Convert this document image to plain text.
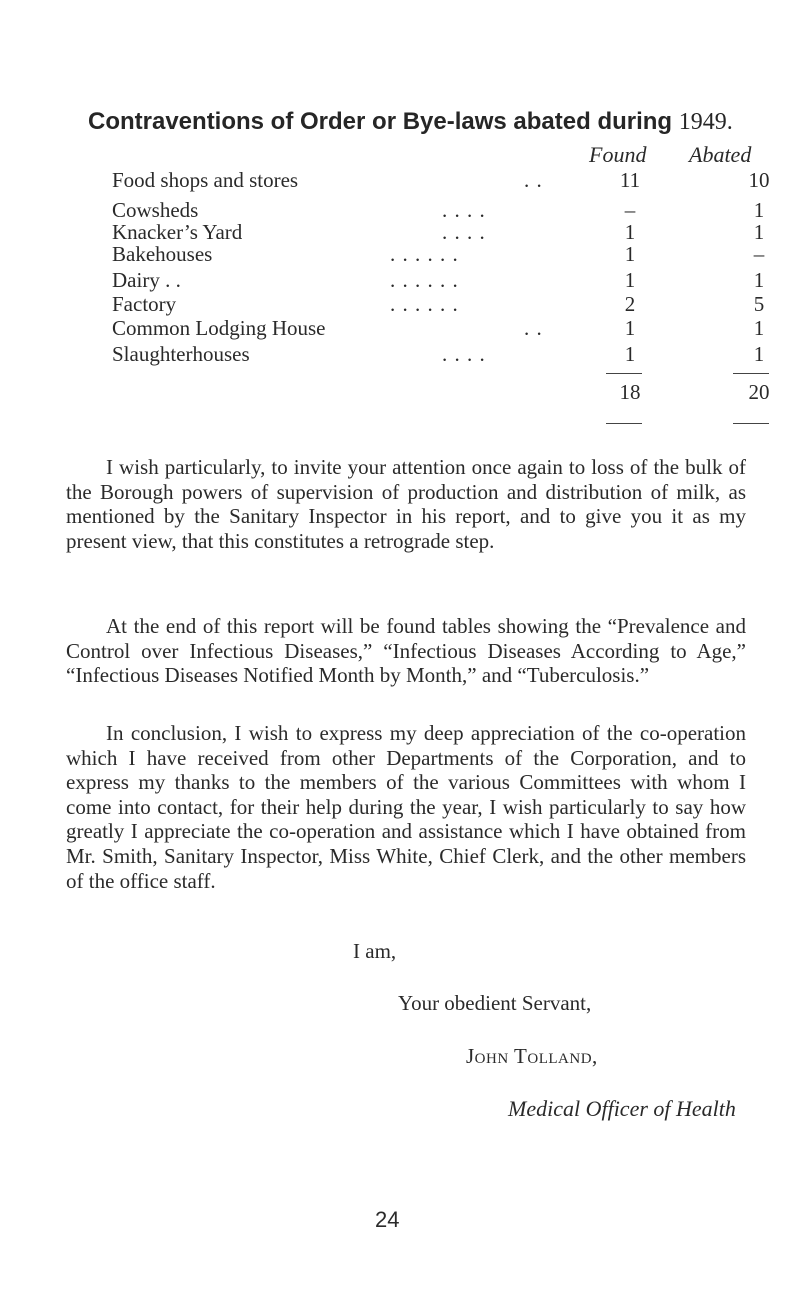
Contraventions of Order or Bye-laws abated during 1949.
Found Abated
Food shops and stores	. .	11	10
Cowsheds	. . . .	–	1
Knacker’s Yard	. . . .	1	1
Bakehouses	. . . . . .	1	–
Dairy . .	. . . . . .	1	1
Factory	. . . . . .	2	5
Common Lodging House	. .	1	1
Slaughterhouses	. . . .	1	1
18	20

I wish particularly, to invite your attention once again to loss of the bulk of the Borough powers of supervision of production and distribution of milk, as mentioned by the Sanitary Inspector in his report, and to give you it as my present view, that this constitutes a retrograde step.

At the end of this report will be found tables showing the “Prevalence and Control over Infectious Diseases,” “Infectious Diseases According to Age,” “Infectious Diseases Notified Month by Month,” and “Tuberculosis.”

In conclusion, I wish to express my deep appreciation of the co-operation which I have received from other Departments of the Corporation, and to express my thanks to the members of the various Committees with whom I come into contact, for their help during the year, I wish particularly to say how greatly I appreciate the co-operation and assistance which I have obtained from Mr. Smith, Sanitary Inspector, Miss White, Chief Clerk, and the other members of the office staff.

I am,
Your obedient Servant,
John Tolland,
Medical Officer of Health
24
